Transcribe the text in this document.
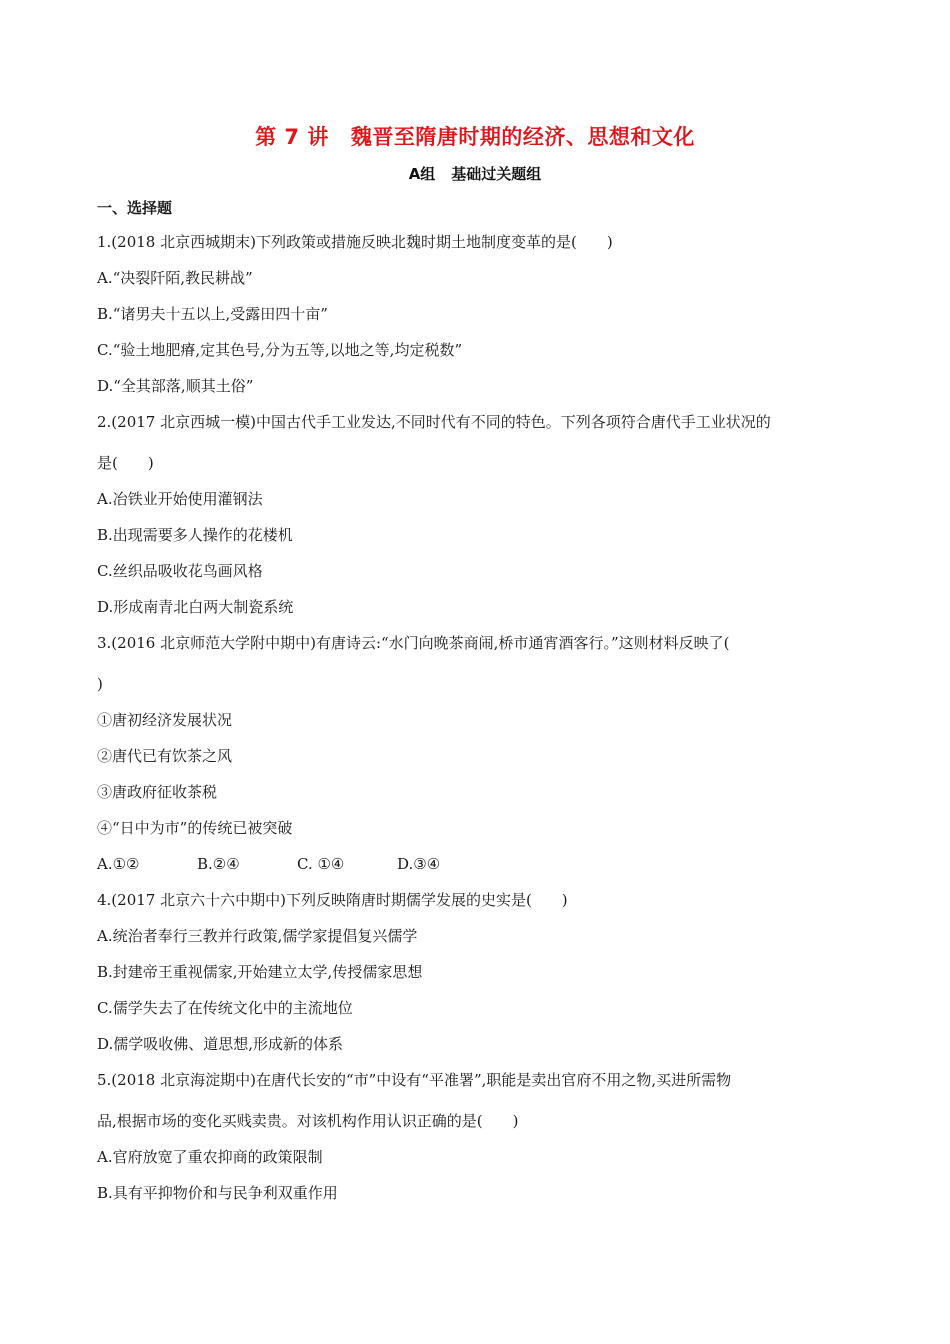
第 7 讲 魏晋至隋唐时期的经济、思想和文化
A组 基础过关题组
一、选择题
1.(2018 北京西城期末)下列政策或措施反映北魏时期土地制度变革的是(　　)
A.“决裂阡陌,教民耕战”
B.“诸男夫十五以上,受露田四十亩”
C.“验土地肥瘠,定其色号,分为五等,以地之等,均定税数”
D.“全其部落,顺其土俗”
2.(2017 北京西城一模)中国古代手工业发达,不同时代有不同的特色。下列各项符合唐代手工业状况的
是(　　)
A.冶铁业开始使用灌钢法
B.出现需要多人操作的花楼机
C.丝织品吸收花鸟画风格
D.形成南青北白两大制瓷系统
3.(2016 北京师范大学附中期中)有唐诗云:“水门向晚茶商闹,桥市通宵酒客行。”这则材料反映了(
)
①唐初经济发展状况
②唐代已有饮茶之风
③唐政府征收茶税
④“日中为市”的传统已被突破
A.①②	B.②④	C. ①④	D.③④
4.(2017 北京六十六中期中)下列反映隋唐时期儒学发展的史实是(　　)
A.统治者奉行三教并行政策,儒学家提倡复兴儒学
B.封建帝王重视儒家,开始建立太学,传授儒家思想
C.儒学失去了在传统文化中的主流地位
D.儒学吸收佛、道思想,形成新的体系
5.(2018 北京海淀期中)在唐代长安的“市”中设有“平准署”,职能是卖出官府不用之物,买进所需物
品,根据市场的变化买贱卖贵。对该机构作用认识正确的是(　　)
A.官府放宽了重农抑商的政策限制
B.具有平抑物价和与民争利双重作用
